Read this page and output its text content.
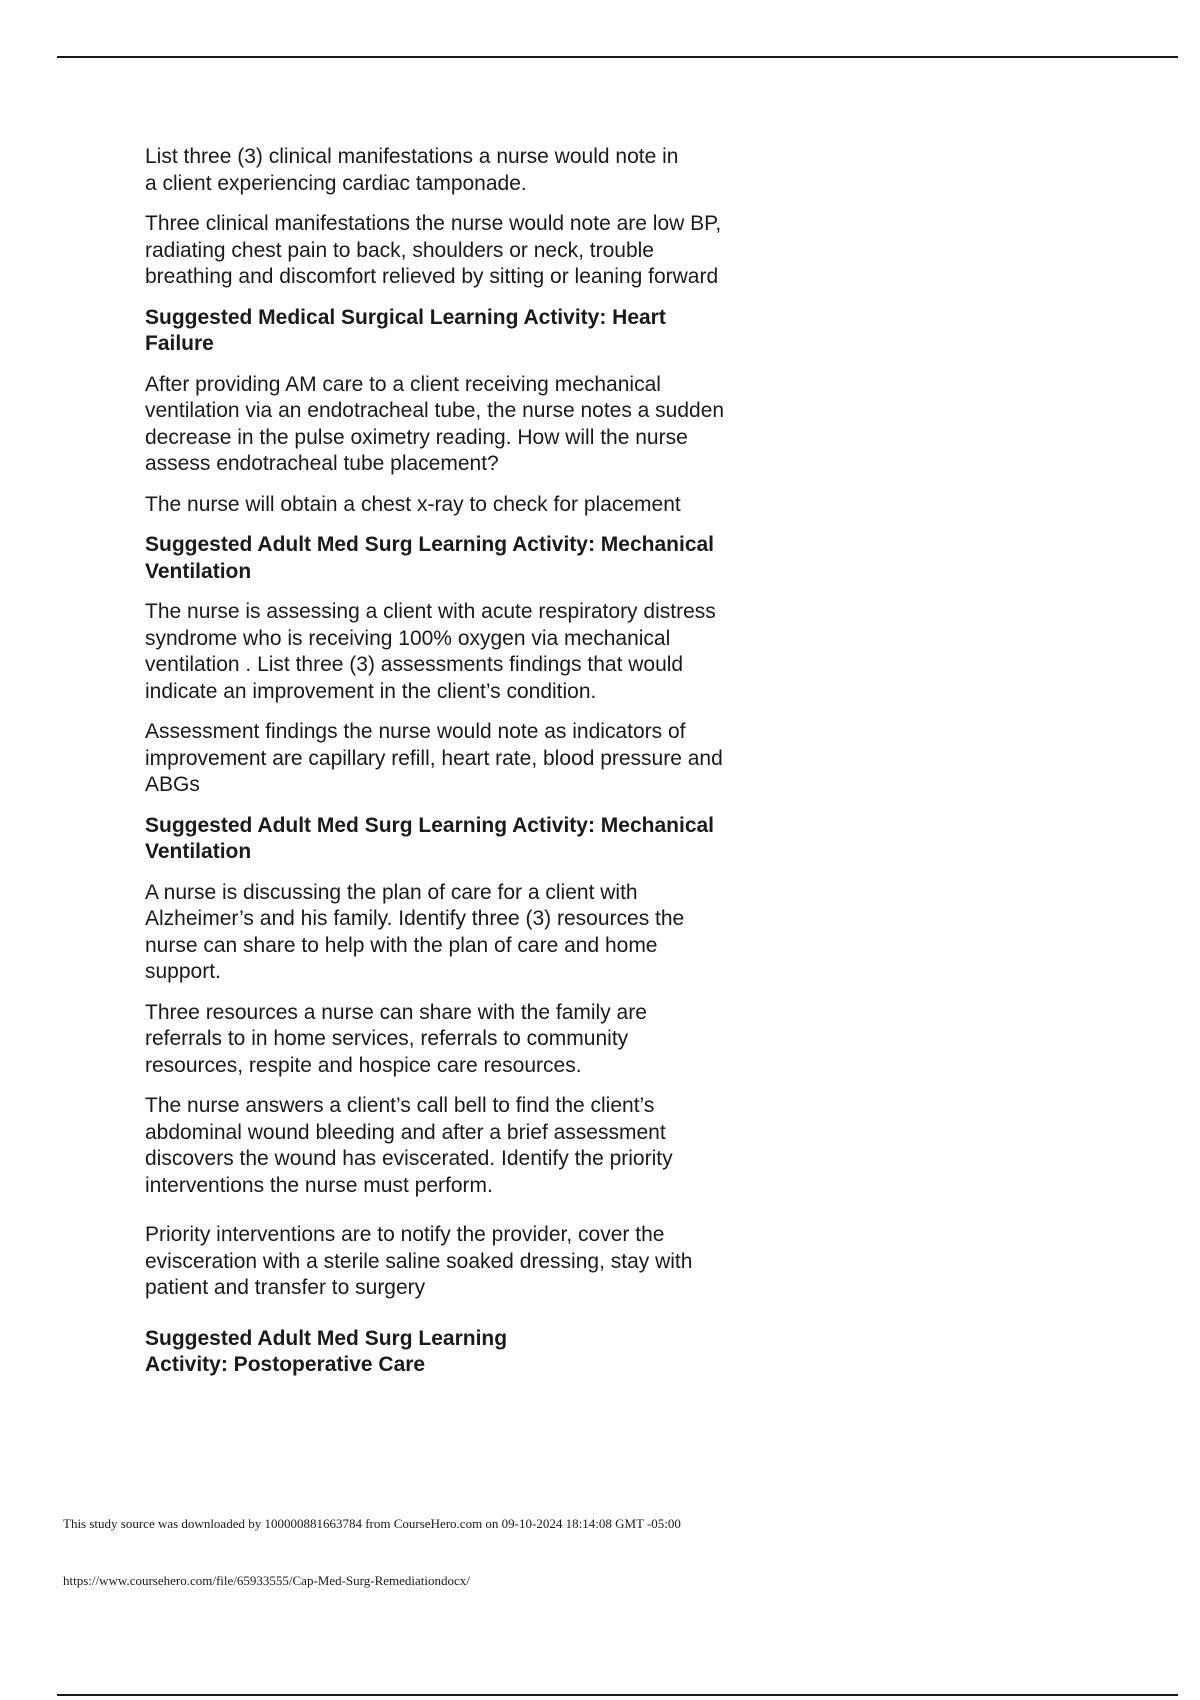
List three (3) clinical manifestations a nurse would note in
a client experiencing cardiac tamponade.

Three clinical manifestations the nurse would note are low BP,
radiating chest pain to back, shoulders or neck, trouble
breathing and discomfort relieved by sitting or leaning forward

Suggested Medical Surgical Learning Activity: Heart
Failure

After providing AM care to a client receiving mechanical
ventilation via an endotracheal tube, the nurse notes a sudden
decrease in the pulse oximetry reading. How will the nurse
assess endotracheal tube placement?

The nurse will obtain a chest x-ray to check for placement

Suggested Adult Med Surg Learning Activity: Mechanical
Ventilation

The nurse is assessing a client with acute respiratory distress
syndrome who is receiving 100% oxygen via mechanical
ventilation . List three (3) assessments findings that would
indicate an improvement in the client’s condition.

Assessment findings the nurse would note as indicators of
improvement are capillary refill, heart rate, blood pressure and
ABGs

Suggested Adult Med Surg Learning Activity: Mechanical
Ventilation

A nurse is discussing the plan of care for a client with
Alzheimer’s and his family. Identify three (3) resources the
nurse can share to help with the plan of care and home
support.

Three resources a nurse can share with the family are
referrals to in home services, referrals to community
resources, respite and hospice care resources.

The nurse answers a client’s call bell to find the client’s
abdominal wound bleeding and after a brief assessment
discovers the wound has eviscerated. Identify the priority
interventions the nurse must perform.

Priority interventions are to notify the provider, cover the
evisceration with a sterile saline soaked dressing, stay with
patient and transfer to surgery

Suggested Adult Med Surg Learning
Activity: Postoperative Care

This study source was downloaded by 100000881663784 from CourseHero.com on 09-10-2024 18:14:08 GMT -05:00
https://www.coursehero.com/file/65933555/Cap-Med-Surg-Remediationdocx/
